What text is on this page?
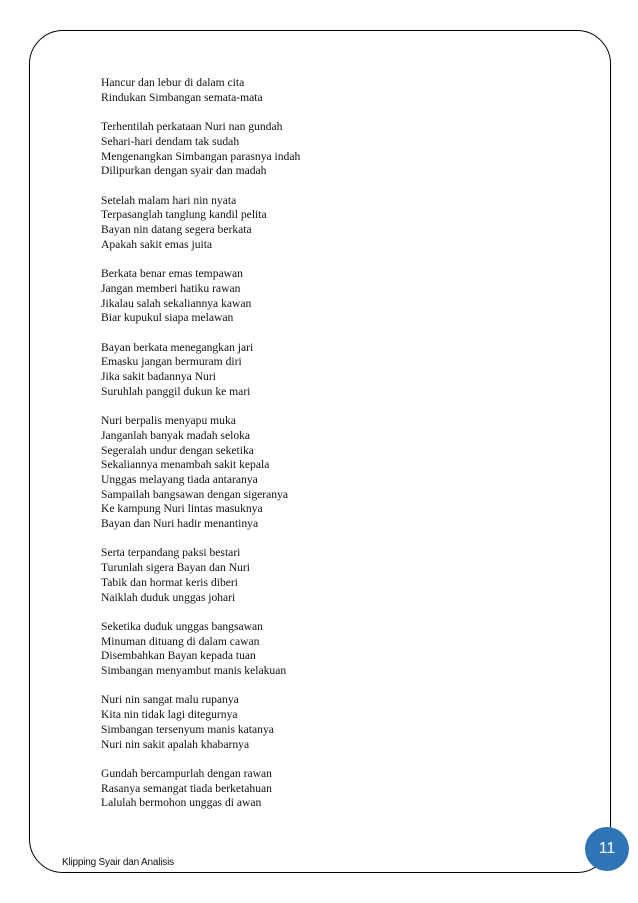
Hancur dan lebur di dalam cita
Rindukan Simbangan semata-mata
Terhentilah perkataan Nuri nan gundah
Sehari-hari dendam tak sudah
Mengenangkan Simbangan parasnya indah
Dilipurkan dengan syair dan madah
Setelah malam hari nin nyata
Terpasanglah tanglung kandil pelita
Bayan nin datang segera berkata
Apakah sakit emas juita
Berkata benar emas tempawan
Jangan memberi hatiku rawan
Jikalau salah sekaliannya kawan
Biar kupukul siapa melawan
Bayan berkata menegangkan jari
Emasku jangan bermuram diri
Jika sakit badannya Nuri
Suruhlah panggil dukun ke mari
Nuri berpalis menyapu muka
Janganlah banyak madah seloka
Segeralah undur dengan seketika
Sekaliannya menambah sakit kepala
Unggas melayang tiada antaranya
Sampailah bangsawan dengan sigeranya
Ke kampung Nuri lintas masuknya
Bayan dan Nuri hadir menantinya
Serta terpandang paksi bestari
Turunlah sigera Bayan dan Nuri
Tabik dan hormat keris diberi
Naiklah duduk unggas johari
Seketika duduk unggas bangsawan
Minuman dituang di dalam cawan
Disembahkan Bayan kepada tuan
Simbangan menyambut manis kelakuan
Nuri nin sangat malu rupanya
Kita nin tidak lagi ditegurnya
Simbangan tersenyum manis katanya
Nuri nin sakit apalah khabarnya
Gundah bercampurlah dengan rawan
Rasanya semangat tiada berketahuan
Lalulah bermohon unggas di awan
Klipping Syair dan Analisis
11
